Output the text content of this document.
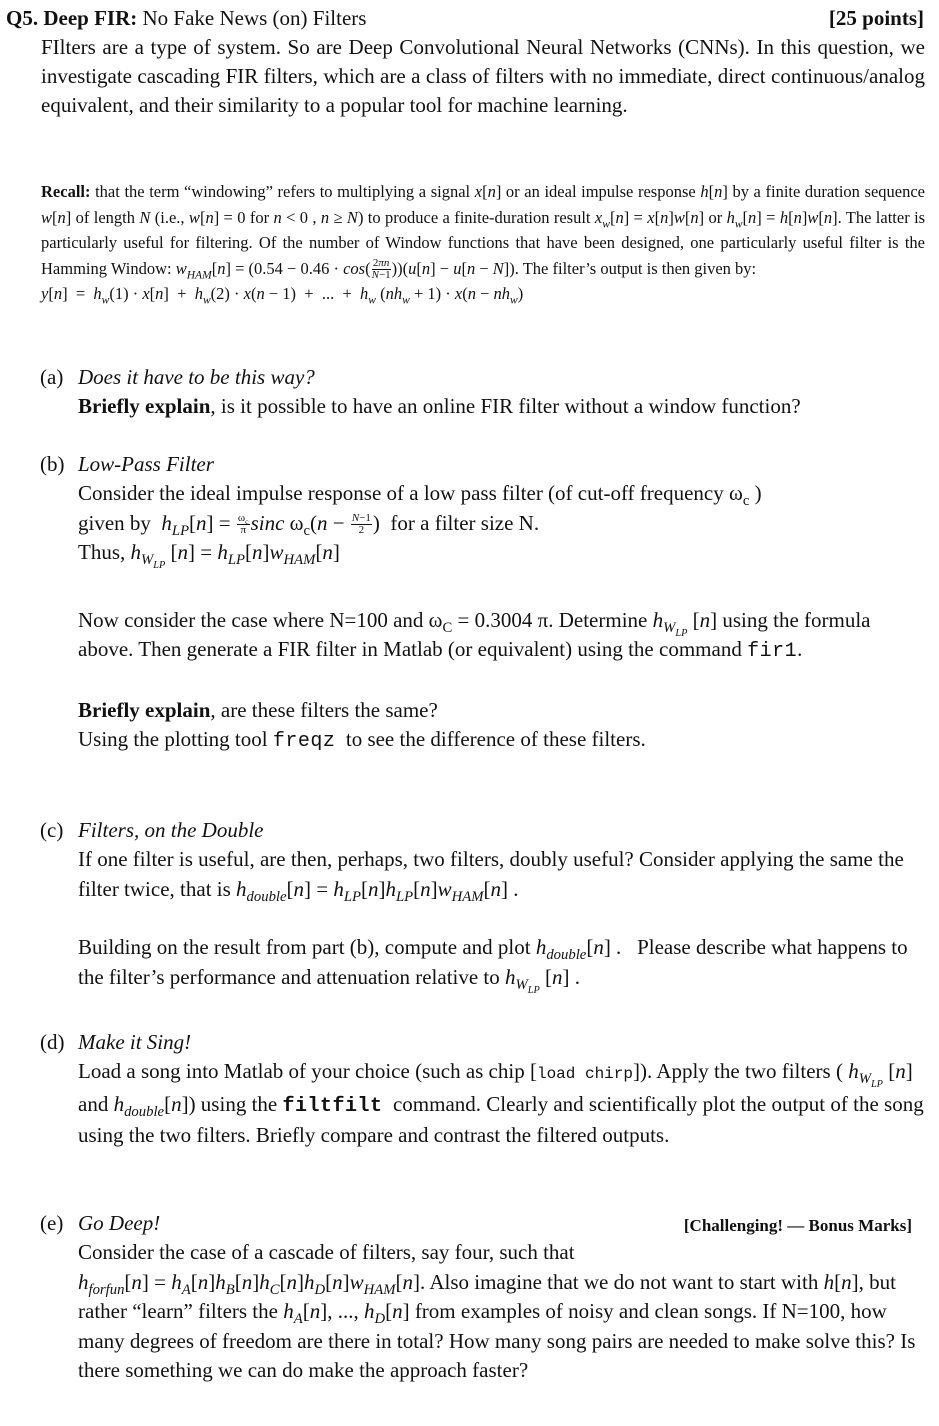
Q5. Deep FIR: No Fake News (on) Filters	[25 points]
FIlters are a type of system. So are Deep Convolutional Neural Networks (CNNs). In this question, we investigate cascading FIR filters, which are a class of filters with no immediate, direct continuous/analog equivalent, and their similarity to a popular tool for machine learning.
Recall: that the term “windowing” refers to multiplying a signal x[n] or an ideal impulse response h[n] by a finite duration sequence w[n] of length N (i.e., w[n] = 0 for n < 0 , n ≥ N) to produce a finite-duration result $x_w[n] = x[n]w[n]$ or $h_w[n] = h[n]w[n]$. The latter is particularly useful for filtering. Of the number of Window functions that have been designed, one particularly useful filter is the Hamming Window: $w_{HAM}[n] = (0.54 - 0.46 \cdot \cos( \frac{2\pi n}{N-1} ))(u[n] - u[n - N])$. The filter’s output is then given by:
$y[n] = h_w(1) \cdot x[n] + h_w(2) \cdot x(n - 1)$  +  ...  +  $h_w$ $(nh_w + 1) \cdot x(n - nh_w)$
(a) Does it have to be this way?

Briefly explain, is it possible to have an online FIR filter without a window function?

(b) Low-Pass Filter

Consider the ideal impulse response of a low pass filter (of cut-off frequency $\omega_c$ )

given by $h_{LP}[n] = \frac{\omega_c}{\pi}$ sinc $\omega_c(n - \frac{N-1}{2}$ )  for a filter size N.

Thus, $h_{W_{LP}}$ $[n] = h_{LP}[n]w_{HAM}[n]$

Now consider the case where N=100 and $\omega_C = 0.3004$ π. Determine $h_{W_{LP}}$ [n] using the formula above. Then generate a FIR filter in Matlab (or equivalent) using the command fir1.

Briefly explain, are these filters the same?

Using the plotting tool freqz to see the difference of these filters.

(c) Filters, on the Double

If one filter is useful, are then, perhaps, two filters, doubly useful? Consider applying the same the filter twice, that is $h_{double}[n] = h_{LP}[n]h_{LP}[n]w_{HAM}[n]$ .

Building on the result from part (b), compute and plot $h_{double}[n]$ .   Please describe what happens to the filter’s performance and attenuation relative to $h_{W_{LP}}$ [n] .

(d) Make it Sing!

Load a song into Matlab of your choice (such as chip [load chirp]). Apply the two filters ( $h_{W_{LP}}$ [n] and $h_{double}[n]$) using the filtfilt command. Clearly and scientifically plot the output of the song using the two filters. Briefly compare and contrast the filtered outputs.

(e) Go Deep!	[Challenging! — Bonus Marks]

Consider the case of a cascade of filters, say four, such that

$h_{forfun}[n] = h_A[n]h_B[n]h_C[n]h_D[n]w_{HAM}[n]$. Also imagine that we do not want to start with h[n], but rather “learn” filters the $h_A[n]$, ..., $h_D[n]$ from examples of noisy and clean songs. If N=100, how many degrees of freedom are there in total? How many song pairs are needed to make solve this? Is there something we can do make the approach faster?
